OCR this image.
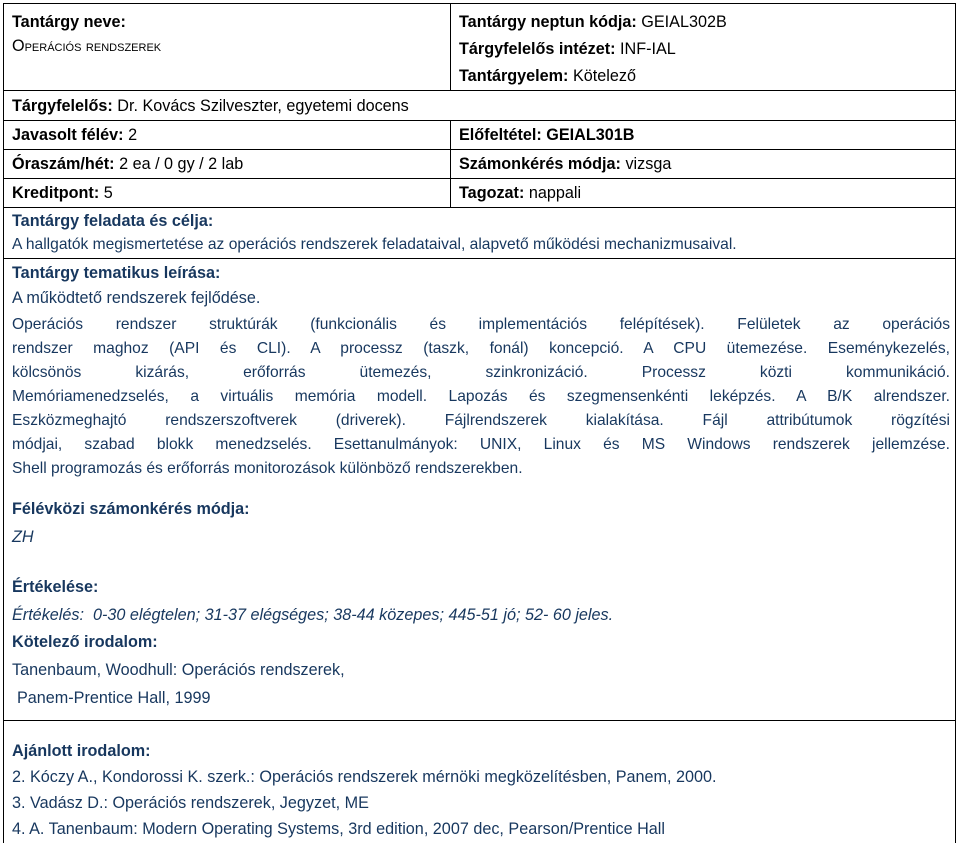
Tantárgy neve:
Operációs rendszerek
Tantárgy neptun kódja: GEIAL302B
Tárgyfelelős intézet: INF-IAL
Tantárgyelem: Kötelező
Tárgyfelelős: Dr. Kovács Szilveszter, egyetemi docens
Javasolt félév: 2	Előfeltétel: GEIAL301B
Óraszám/hét: 2 ea / 0 gy / 2 lab	Számonkérés módja: vizsga
Kreditpont: 5	Tagozat: nappali
Tantárgy feladata és célja:
A hallgatók megismertetése az operációs rendszerek feladataival, alapvető működési mechanizmusaival.
Tantárgy tematikus leírása:
A működtető rendszerek fejlődése.
Operációs rendszer struktúrák (funkcionális és implementációs felépítések). Felületek az operációs
rendszer maghoz (API és CLI). A processz (taszk, fonál) koncepció. A CPU ütemezése. Eseménykezelés,
kölcsönös kizárás, erőforrás ütemezés, szinkronizáció. Processz közti kommunikáció.
Memóriamenedzselés, a virtuális memória modell. Lapozás és szegmensenkénti leképzés. A B/K alrendszer.
Eszközmeghajtó rendszerszoftverek (driverek). Fájlrendszerek kialakítása. Fájl attribútumok rögzítési
módjai, szabad blokk menedzselés. Esettanulmányok: UNIX, Linux és MS Windows rendszerek jellemzése.
Shell programozás és erőforrás monitorozások különböző rendszerekben.
Félévközi számonkérés módja:
ZH
Értékelése:
Értékelés:  0-30 elégtelen; 31-37 elégséges; 38-44 közepes; 445-51 jó; 52- 60 jeles.
Kötelező irodalom:
Tanenbaum, Woodhull: Operációs rendszerek,
Panem-Prentice Hall, 1999
Ajánlott irodalom:
2. Kóczy A., Kondorossi K. szerk.: Operációs rendszerek mérnöki megközelítésben, Panem, 2000.
3. Vadász D.: Operációs rendszerek, Jegyzet, ME
4. A. Tanenbaum: Modern Operating Systems, 3rd edition, 2007 dec, Pearson/Prentice Hall
